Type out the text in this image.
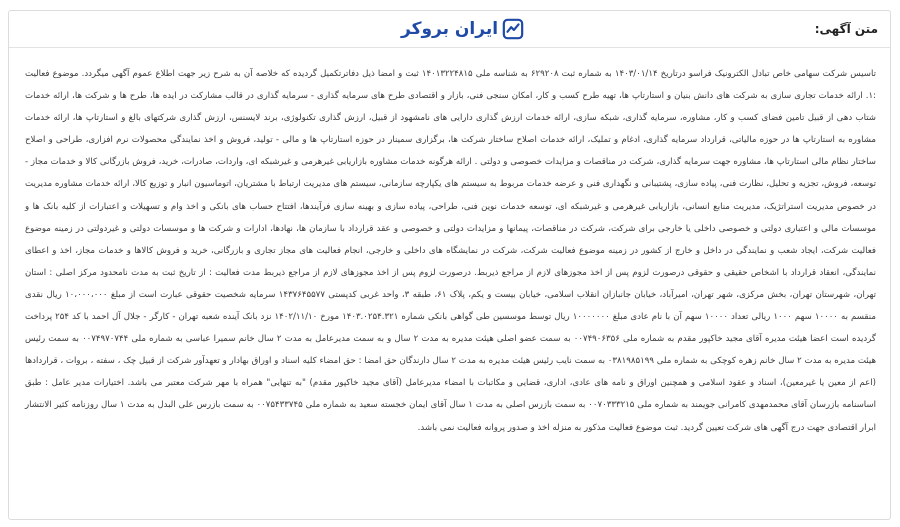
متن آگهی:
ایران بروکر

تاسیس شرکت سهامی خاص تبادل الکترونیک فراسو درتاریخ ۱۴۰۳/۰۱/۱۴ به شماره ثبت ۶۲۹۲۰۸ به شناسه ملی ۱۴۰۱۳۲۲۴۸۱۵ ثبت و امضا ذیل دفاترتکمیل گردیده که خلاصه آن به شرح زیر جهت اطلاع عموم آگهی میگردد. موضوع فعالیت :۱. ارائه خدمات تجاری سازی به شرکت های دانش بنیان و استارتاپ ها، تهیه طرح کسب و کار، امکان سنجی فنی، بازار و اقتصادی طرح های سرمایه گذاری - سرمایه گذاری در قالب مشارکت در ایده ها، طرح ها و شرکت ها، ارائه خدمات شتاب دهی از قبیل تامین فضای کسب و کار، مشاوره، سرمایه گذاری، شبکه سازی، ارائه خدمات ارزش گذاری دارایی های نامشهود از قبیل، ارزش گذاری تکنولوژی، برند لایسنس، ارزش گذاری شرکتهای بالغ و استارتاپ ها، ارائه خدمات مشاوره به استارتاپ ها در حوزه مالیاتی، قرارداد سرمایه گذاری، ادغام و تملیک، ارائه خدمات اصلاح ساختار شرکت ها، برگزاری سمینار در حوزه استارتاپ ها و مالی - تولید، فروش و اخذ نمایندگی محصولات نرم افزاری، طراحی و اصلاح ساختار نظام مالی استارتاپ ها، مشاوره جهت سرمایه گذاری، شرکت در مناقصات و مزایدات خصوصی و دولتی . ارائه هرگونه خدمات مشاوره بازاریابی غیرهرمی و غیرشبکه ای، واردات، صادرات، خرید، فروش بازرگانی کالا و خدمات مجاز - توسعه، فروش، تجزیه و تحلیل، نظارت فنی، پیاده سازی، پشتیبانی و نگهداری فنی و عرضه خدمات مربوط به سیستم های یکپارچه سازمانی، سیستم های مدیریت ارتباط با مشتریان، اتوماسیون انبار و توزیع کالا، ارائه خدمات مشاوره مدیریت در خصوص مدیریت استراتژیک، مدیریت منابع انسانی، بازاریابی غیرهرمی و غیرشبکه ای، توسعه خدمات نوین فنی، طراحی، پیاده سازی و بهینه سازی فرآیندها، افتتاح حساب های بانکی و اخذ وام و تسهیلات و اعتبارات از کلیه بانک ها و موسسات مالی و اعتباری دولتی و خصوصی داخلی یا خارجی برای شرکت، شرکت در مناقصات، پیمانها و مزایدات دولتی و خصوصی و عقد قرارداد با سازمان ها، نهادها، ادارات و شرکت ها و موسسات دولتی و غیردولتی در زمینه موضوع فعالیت شرکت، ایجاد شعب و نمایندگی در داخل و خارج از کشور در زمینه موضوع فعالیت شرکت، شرکت در نمایشگاه های داخلی و خارجی، انجام فعالیت های مجاز تجاری و بازرگانی، خرید و فروش کالاها و خدمات مجاز، اخذ و اعطای نمایندگی، انعقاد قرارداد با اشخاص حقیقی و حقوقی درصورت لزوم پس از اخذ مجوزهای لازم از مراجع ذیربط. درصورت لزوم پس از اخذ مجوزهای لازم از مراجع ذیربط مدت فعالیت : از تاریخ ثبت به مدت نامحدود مرکز اصلی : استان تهران، شهرستان تهران، بخش مرکزی، شهر تهران، امیرآباد، خیابان جانبازان انقلاب اسلامی، خیابان بیست و یکم، پلاک ۶۱، طبقه ۳، واحد غربی کدپستی ۱۴۳۷۶۴۵۵۷۷ سرمایه شخصیت حقوقی عبارت است از مبلغ ۱۰،۰۰۰،۰۰۰ ریال نقدی منقسم به ۱۰۰۰۰ سهم ۱۰۰۰ ریالی تعداد ۱۰۰۰۰ سهم آن با نام عادی مبلغ ۱۰۰۰۰۰۰۰ ریال توسط موسسین طی گواهی بانکی شماره ۱۴۰۳.۰۲۵۴.۳۲۱ مورخ ۱۴۰۲/۱۱/۱۰ نزد بانک آینده شعبه تهران - کارگر - جلال آل احمد با کد ۲۵۴ پرداخت گردیده است اعضا هیئت مدیره آقای مجید خاکپور مقدم به شماره ملی ۰۰۷۴۹۰۶۳۵۶ به سمت عضو اصلی هیئت مدیره به مدت ۲ سال و به سمت مدیرعامل به مدت ۲ سال خانم سمیرا عباسی به شماره ملی ۰۰۷۴۹۷۰۷۴۴ به سمت رئیس هیئت مدیره به مدت ۲ سال خانم زهره کوچکی به شماره ملی ۰۳۸۱۹۸۵۱۹۹ به سمت نایب رئیس هیئت مدیره به مدت ۲ سال دارندگان حق امضا : حق امضاء کلیه اسناد و اوراق بهادار و تعهدآور شرکت از قبیل چک ، سفته ، بروات ، قراردادها (اعم از معین یا غیرمعین)، اسناد و عقود اسلامی و همچنین اوراق و نامه های عادی، اداری، قضایی و مکاتبات با امضاء مدیرعامل (آقای مجید خاکپور مقدم) "به تنهایی" همراه با مهر شرکت معتبر می باشد. اختیارات مدیر عامل : طبق اساسنامه بازرسان آقای محمدمهدی کامرانی جویمند به شماره ملی ۰۰۷۰۳۳۳۲۱۵ به سمت بازرس اصلی به مدت ۱ سال آقای ایمان خجسته سعید به شماره ملی ۰۰۷۵۴۳۳۷۴۵ به سمت بازرس علی البدل به مدت ۱ سال روزنامه کثیر الانتشار ابرار اقتصادی جهت درج آگهی های شرکت تعیین گردید. ثبت موضوع فعالیت مذکور به منزله اخذ و صدور پروانه فعالیت نمی باشد.
